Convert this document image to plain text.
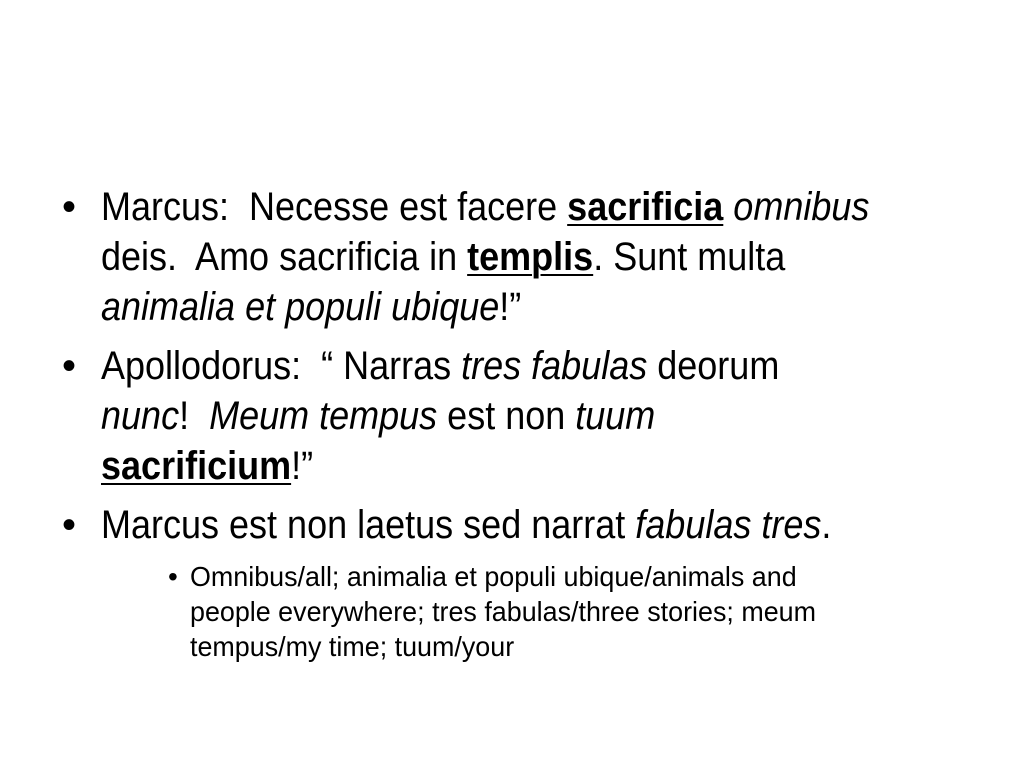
• Marcus:  Necesse est facere sacrificia omnibus
deis.  Amo sacrificia in templis. Sunt multa
animalia et populi ubique!”
• Apollodorus:  “ Narras tres fabulas deorum
nunc!  Meum tempus est non tuum
sacrificium!”
• Marcus est non laetus sed narrat fabulas tres.
• Omnibus/all; animalia et populi ubique/animals and
people everywhere; tres fabulas/three stories; meum
tempus/my time; tuum/your
